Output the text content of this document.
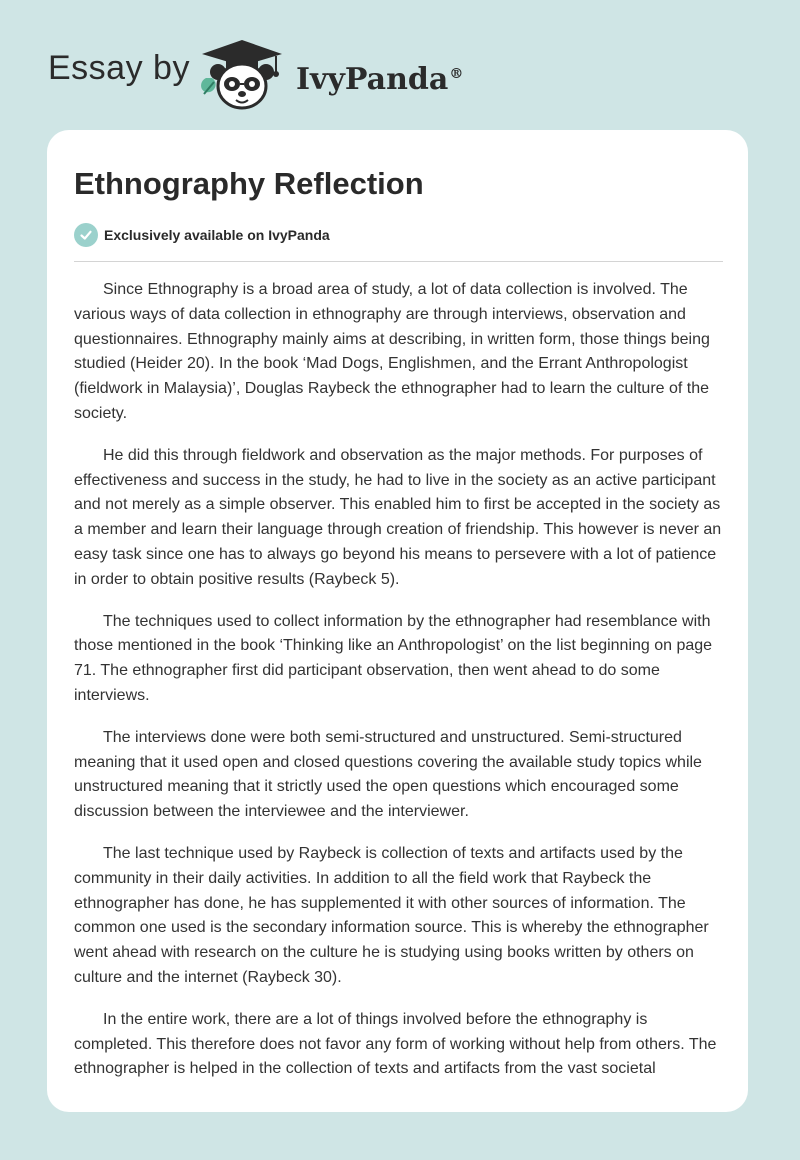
Essay by	IvyPanda®
Ethnography Reflection
Exclusively available on IvyPanda

Since Ethnography is a broad area of study, a lot of data collection is involved. The various ways of data collection in ethnography are through interviews, observation and questionnaires. Ethnography mainly aims at describing, in written form, those things being studied (Heider 20). In the book ‘Mad Dogs, Englishmen, and the Errant Anthropologist (fieldwork in Malaysia)’, Douglas Raybeck the ethnographer had to learn the culture of the society.

He did this through fieldwork and observation as the major methods. For purposes of effectiveness and success in the study, he had to live in the society as an active participant and not merely as a simple observer. This enabled him to first be accepted in the society as a member and learn their language through creation of friendship. This however is never an easy task since one has to always go beyond his means to persevere with a lot of patience in order to obtain positive results (Raybeck 5).

The techniques used to collect information by the ethnographer had resemblance with those mentioned in the book ‘Thinking like an Anthropologist’ on the list beginning on page 71. The ethnographer first did participant observation, then went ahead to do some interviews.

The interviews done were both semi-structured and unstructured. Semi-structured meaning that it used open and closed questions covering the available study topics while unstructured meaning that it strictly used the open questions which encouraged some discussion between the interviewee and the interviewer.

The last technique used by Raybeck is collection of texts and artifacts used by the community in their daily activities. In addition to all the field work that Raybeck the ethnographer has done, he has supplemented it with other sources of information. The common one used is the secondary information source. This is whereby the ethnographer went ahead with research on the culture he is studying using books written by others on culture and the internet (Raybeck 30).

In the entire work, there are a lot of things involved before the ethnography is completed. This therefore does not favor any form of working without help from others. The ethnographer is helped in the collection of texts and artifacts from the vast societal
